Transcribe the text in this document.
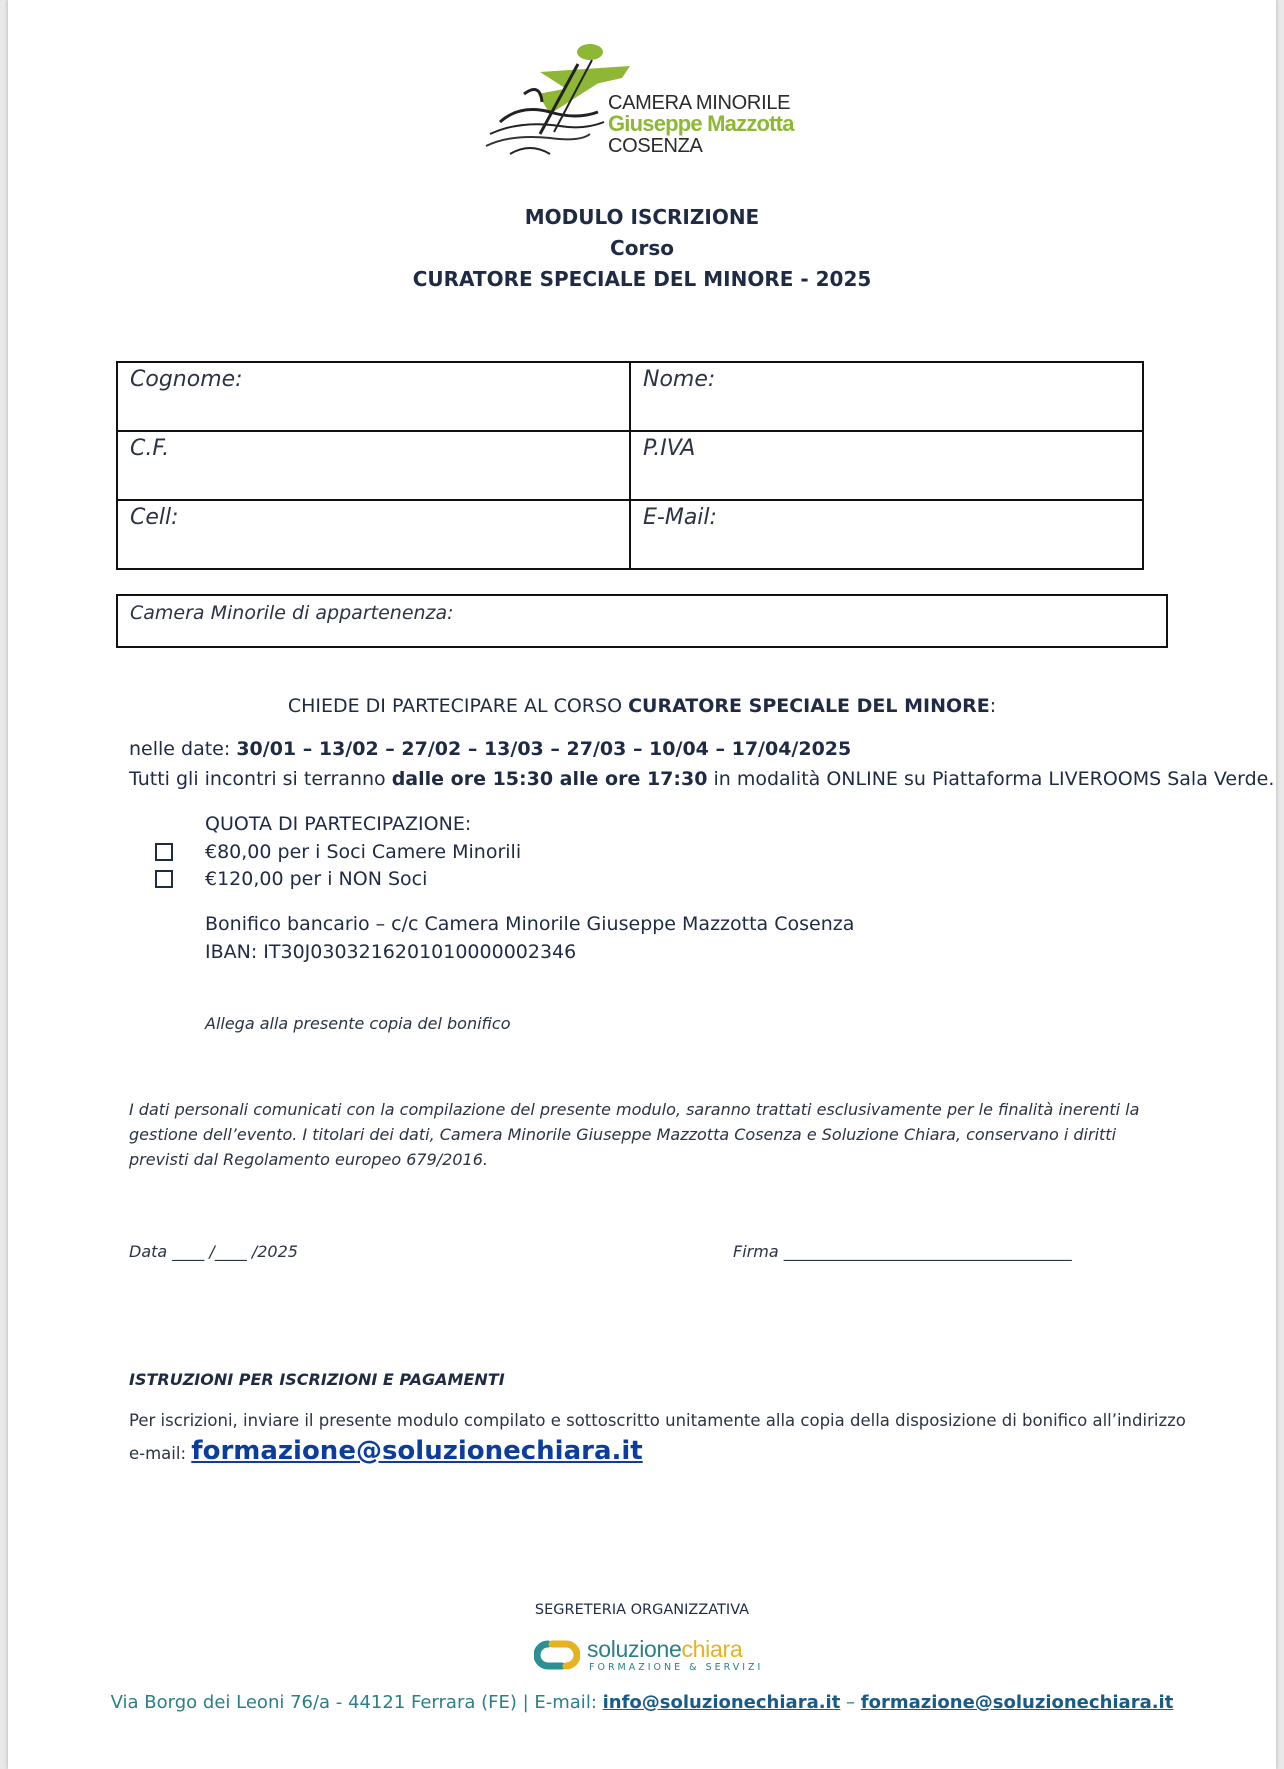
CAMERA MINORILE
Giuseppe Mazzotta
COSENZA
MODULO ISCRIZIONE
Corso
CURATORE SPECIALE DEL MINORE - 2025
Cognome:	Nome:
C.F.	P.IVA
Cell:	E-Mail:
Camera Minorile di appartenenza:
CHIEDE DI PARTECIPARE AL CORSO CURATORE SPECIALE DEL MINORE:
nelle date: 30/01 – 13/02 – 27/02 – 13/03 – 27/03 – 10/04 – 17/04/2025
Tutti gli incontri si terranno dalle ore 15:30 alle ore 17:30 in modalità ONLINE su Piattaforma LIVEROOMS Sala Verde.
QUOTA DI PARTECIPAZIONE:
€80,00 per i Soci Camere Minorili
€120,00 per i NON Soci
Bonifico bancario – c/c Camera Minorile Giuseppe Mazzotta Cosenza
IBAN: IT30J0303216201010000002346
Allega alla presente copia del bonifico
I dati personali comunicati con la compilazione del presente modulo, saranno trattati esclusivamente per le finalità inerenti la gestione dell’evento. I titolari dei dati, Camera Minorile Giuseppe Mazzotta Cosenza e Soluzione Chiara, conservano i diritti previsti dal Regolamento europeo 679/2016.
Data ____ /____ /2025	Firma ____________________________________
ISTRUZIONI PER ISCRIZIONI E PAGAMENTI
Per iscrizioni, inviare il presente modulo compilato e sottoscritto unitamente alla copia della disposizione di bonifico all’indirizzo
e-mail: formazione@soluzionechiara.it
SEGRETERIA ORGANIZZATIVA
soluzionechiara
FORMAZIONE & SERVIZI
Via Borgo dei Leoni 76/a - 44121 Ferrara (FE) | E-mail: info@soluzionechiara.it – formazione@soluzionechiara.it
